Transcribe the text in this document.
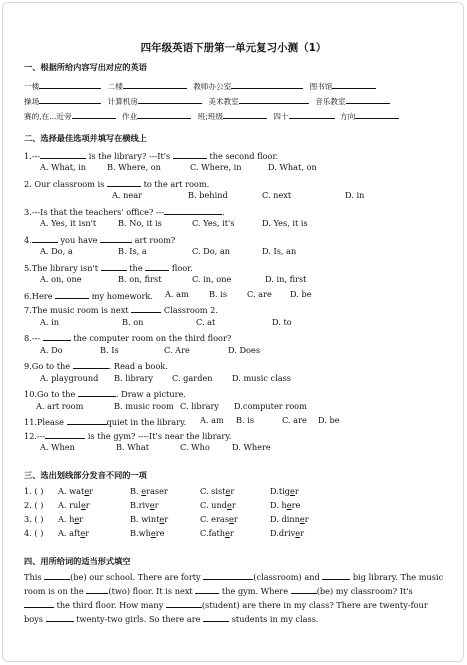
四年级英语下册第一单元复习小测（1）
一、根据所给内容写出对应的英语
一楼	二楼	教师办公室	图书馆
操场	计算机房	美术教室	音乐教室
赛的,在...近旁	作业	班;班级	四十	方向
二、选择最佳选项并填写在横线上
1.---	is the library? ---It's	the second floor.
A. What, in	B. Where, on	C. Where, in	D. What, on
2. Our classroom is	to the art room.
A. near	B. behind	C. next	D. in
3.---Is that the teachers' office? ---	.
A. Yes, it isn't	B. No, it is	C. Yes, it's	D. Yes, it is
4.	you have	art room?
A. Do, a	B. Is, a	C. Do, an	D. Is, an
5.The library isn't	the	floor.
A. on, one	B. on, first	C. in, one	D. in, first
6.Here	my homework. A. am B. is C. are D. be
7.The music room is next	Classroom 2.
A. in	B. on	C. at	D. to
8.---	the computer room on the third floor?
A. Do	B. Is	C. Are	D. Does
9.Go to the	. Read a book.
A. playground B. library C. garden D. music class
10.Go to the	. Draw a picture.
A. art room	B. music room C. library D.computer room
11.Please	quiet in the library. A. am B. is	C. are D. be
12.---	is the gym? ----It's near the library.
A. When	B. What	C. Who	D. Where
三、选出划线部分发音不同的一项
1. ( ) A. water	B. eraser	C. sister	D.tiger
2. ( ) A. ruler	B.river	C. under	D. here
3. ( ) A. her	B. winter	C. eraser	D. dinner
4. ( ) A. after	B.where	C.father	D.driver
四、用所给词的适当形式填空
This	(be) our school. There are forty	(classroom) and	big library. The music
room is on the	(two) floor. It is next	the gym. Where	(be) my classroom? It's
the third floor. How many	(student) are there in my class? There are twenty-four
boys	twenty-two girls. So there are	students in my class.
